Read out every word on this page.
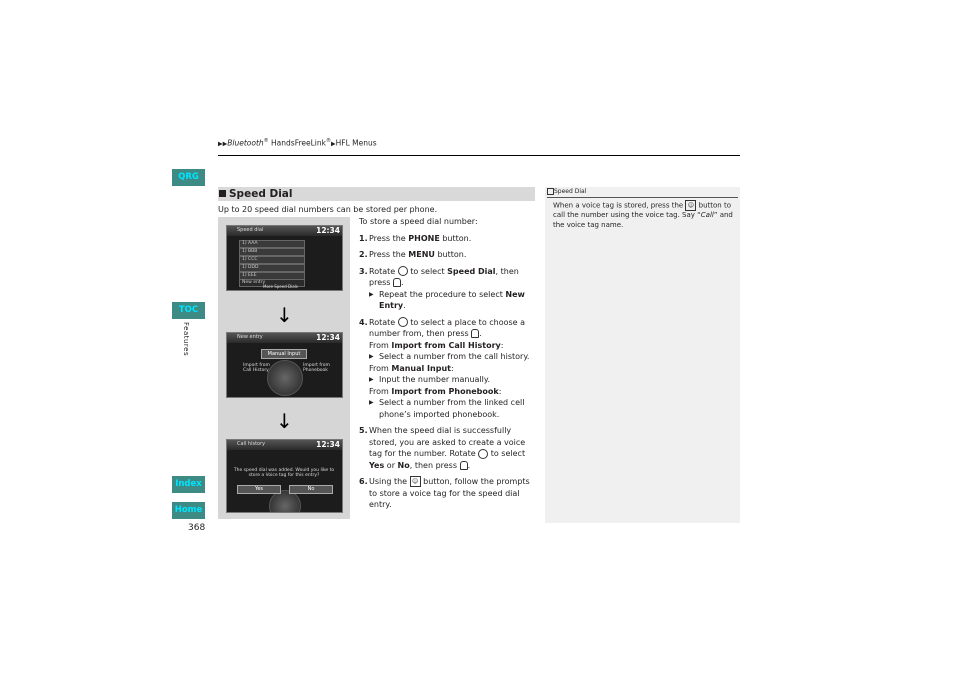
▶▶Bluetooth® HandsFreeLink®▶HFL Menus
QRG
TOC
Features
Index
Home
368
Speed Dial
Up to 20 speed dial numbers can be stored per phone.
Speed dial	12:34
1) AAA
1) BBB
1) CCC
1) DDD
1) EEE
New entry
More Speed Dials
↓
New entry	12:34
Manual Input
Import from Call History
Import from Phonebook
↓
Call history	12:34
The speed dial was added. Would you like to store a Voice tag for this entry?
Yes	No
To store a speed dial number:
1. Press the PHONE button.
2. Press the MENU button.
3. Rotate  to select Speed Dial, then press .
▶ Repeat the procedure to select New Entry.
4. Rotate  to select a place to choose a number from, then press .
From Import from Call History:
▶ Select a number from the call history.
From Manual Input:
▶ Input the number manually.
From Import from Phonebook:
▶ Select a number from the linked cell phone’s imported phonebook.
5. When the speed dial is successfully stored, you are asked to create a voice tag for the number. Rotate  to select Yes or No, then press .
6. Using the ☺ button, follow the prompts to store a voice tag for the speed dial entry.
Speed Dial
When a voice tag is stored, press the ☺ button to call the number using the voice tag. Say “Call” and the voice tag name.
